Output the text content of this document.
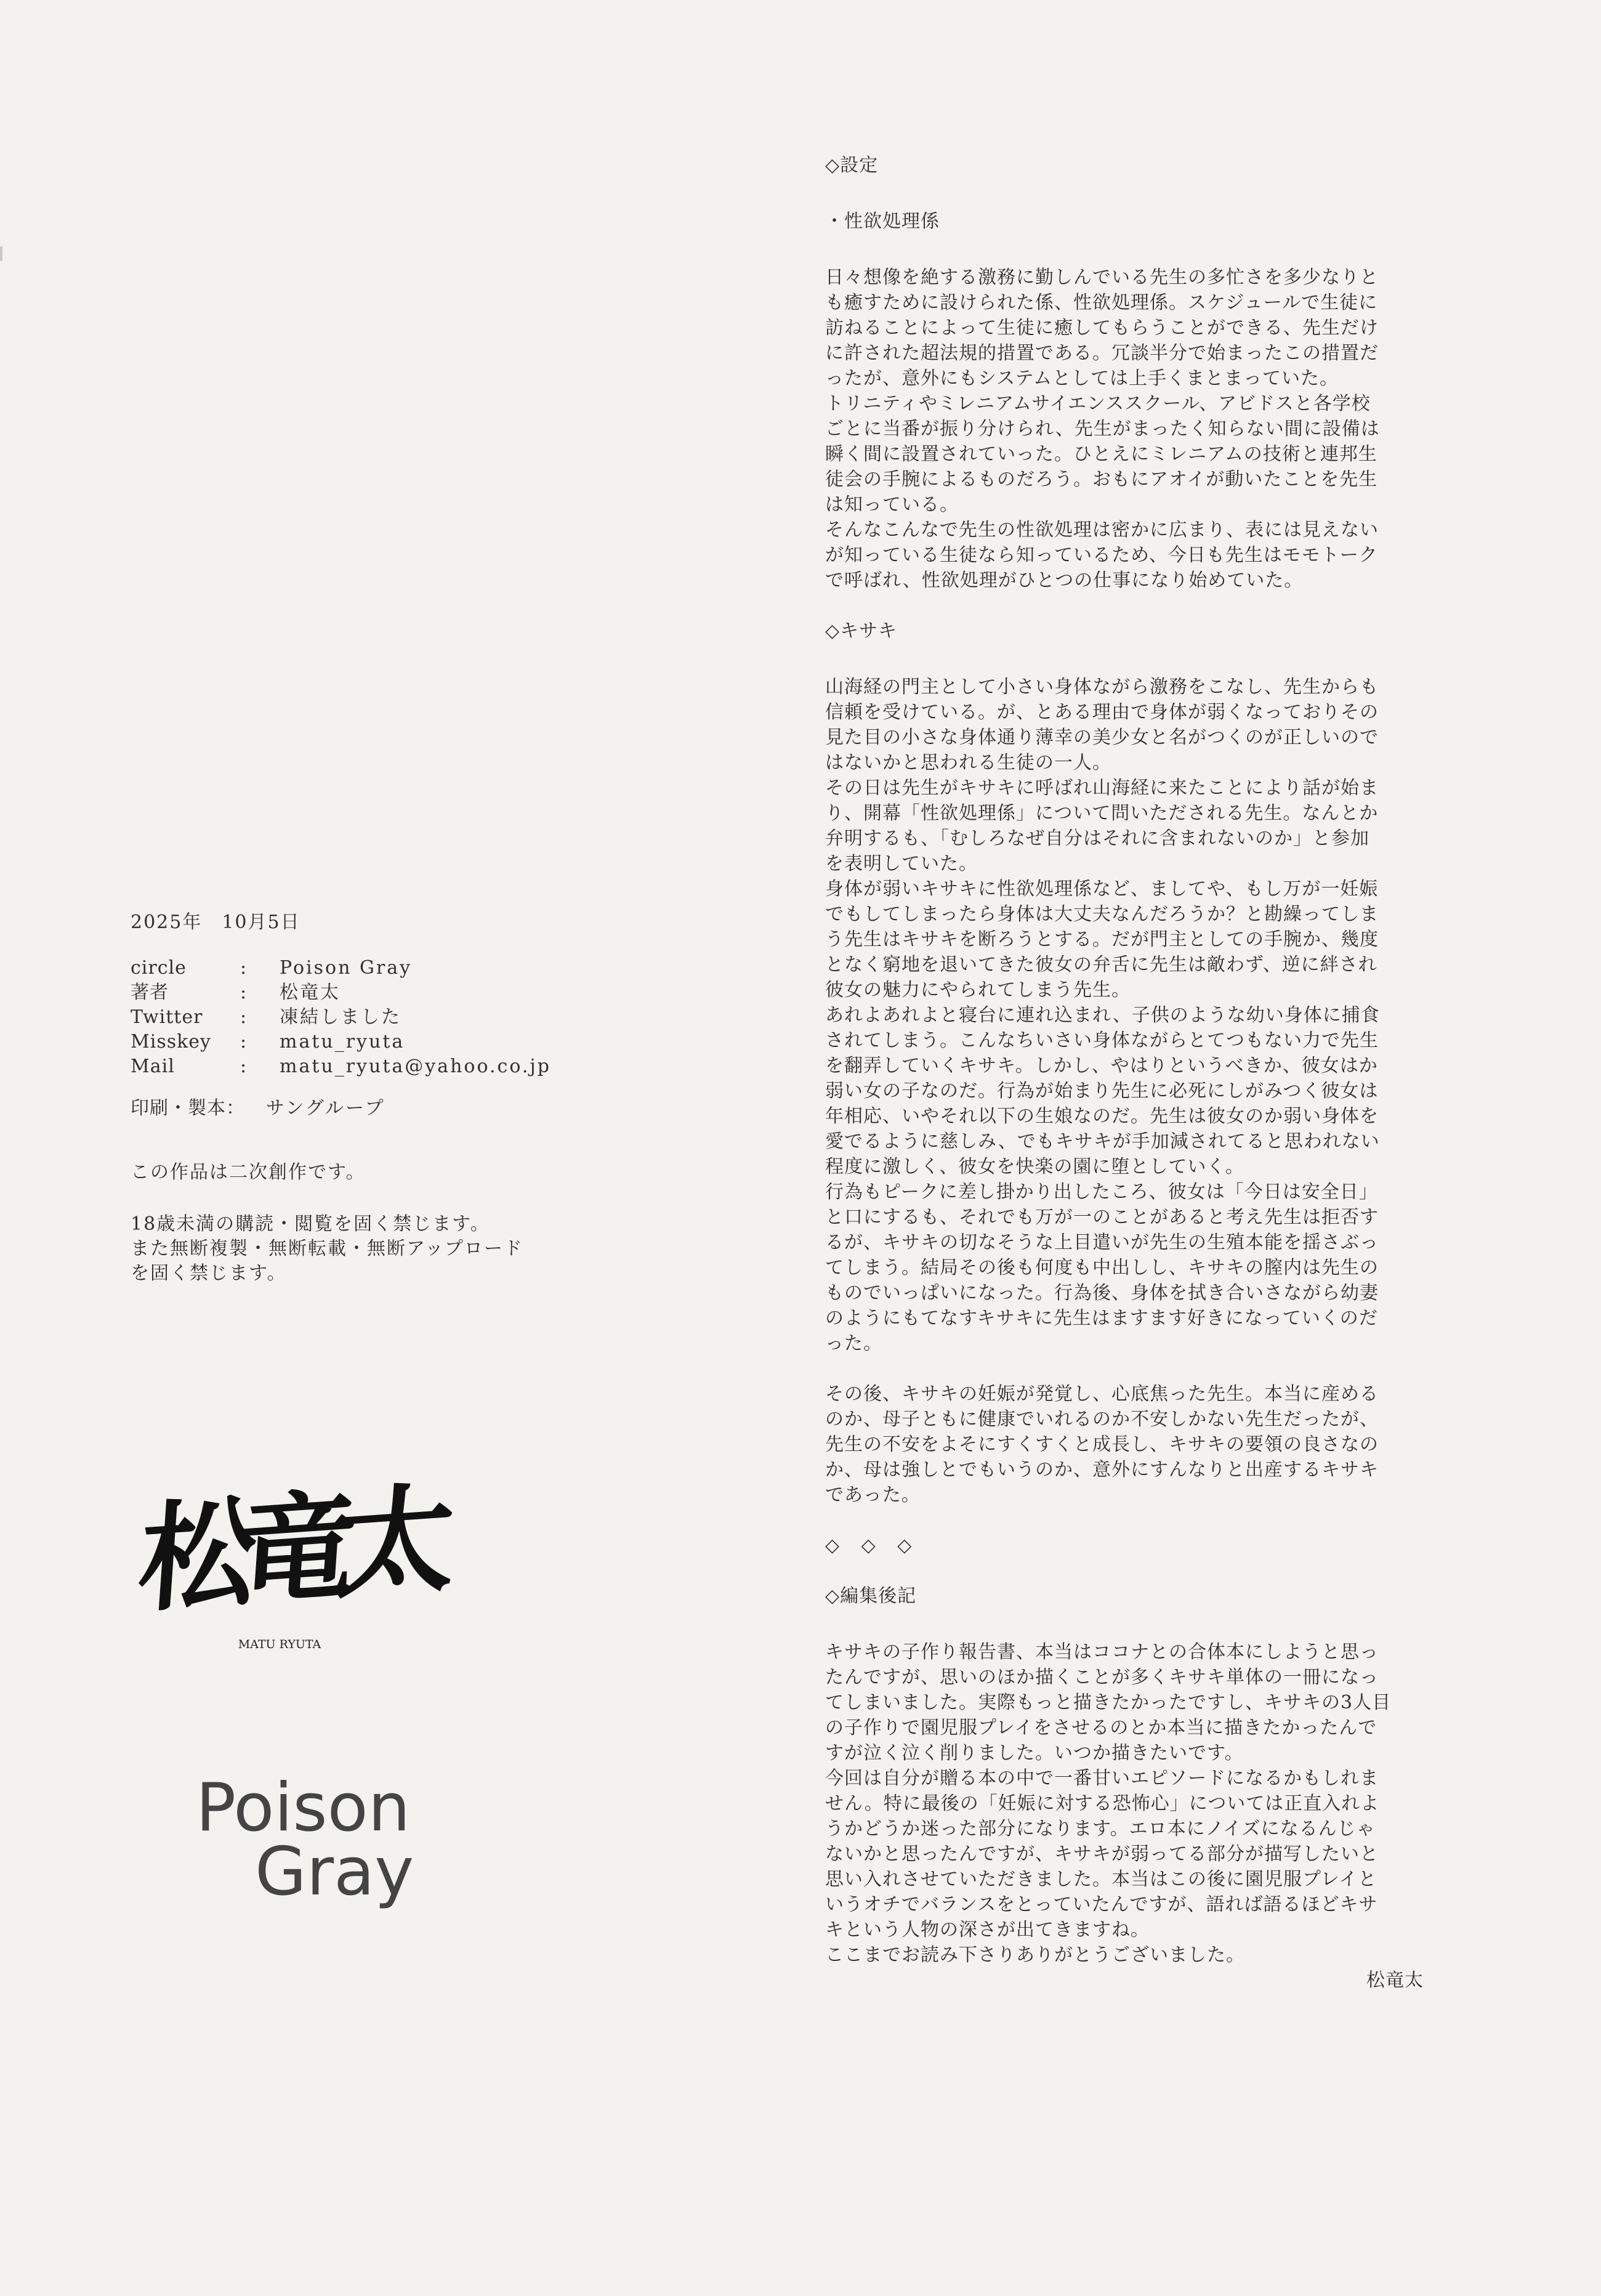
2025年　10月5日
circle	:	Poison Gray
著者	:	松竜太
Twitter	:	凍結しました
Misskey	:	matu_ryuta
Mail	:	matu_ryuta@yahoo.co.jp
印刷・製本：	サングループ
この作品は二次創作です。
18歳未満の購読・閲覧を固く禁じます。
また無断複製・無断転載・無断アップロード
を固く禁じます。
松竜太
MATU RYUTA
Poison
Gray
◇設定
・性欲処理係
日々想像を絶する激務に勤しんでいる先生の多忙さを多少なりと
も癒すために設けられた係、性欲処理係。スケジュールで生徒に
訪ねることによって生徒に癒してもらうことができる、先生だけ
に許された超法規的措置である。冗談半分で始まったこの措置だ
ったが、意外にもシステムとしては上手くまとまっていた。
トリニティやミレニアムサイエンススクール、アビドスと各学校
ごとに当番が振り分けられ、先生がまったく知らない間に設備は
瞬く間に設置されていった。ひとえにミレニアムの技術と連邦生
徒会の手腕によるものだろう。おもにアオイが動いたことを先生
は知っている。
そんなこんなで先生の性欲処理は密かに広まり、表には見えない
が知っている生徒なら知っているため、今日も先生はモモトーク
で呼ばれ、性欲処理がひとつの仕事になり始めていた。
◇キサキ
山海経の門主として小さい身体ながら激務をこなし、先生からも
信頼を受けている。が、とある理由で身体が弱くなっておりその
見た目の小さな身体通り薄幸の美少女と名がつくのが正しいので
はないかと思われる生徒の一人。
その日は先生がキサキに呼ばれ山海経に来たことにより話が始ま
り、開幕「性欲処理係」について問いただされる先生。なんとか
弁明するも、「むしろなぜ自分はそれに含まれないのか」と参加
を表明していた。
身体が弱いキサキに性欲処理係など、ましてや、もし万が一妊娠
でもしてしまったら身体は大丈夫なんだろうか？と勘繰ってしま
う先生はキサキを断ろうとする。だが門主としての手腕か、幾度
となく窮地を退いてきた彼女の弁舌に先生は敵わず、逆に絆され
彼女の魅力にやられてしまう先生。
あれよあれよと寝台に連れ込まれ、子供のような幼い身体に捕食
されてしまう。こんなちいさい身体ながらとてつもない力で先生
を翻弄していくキサキ。しかし、やはりというべきか、彼女はか
弱い女の子なのだ。行為が始まり先生に必死にしがみつく彼女は
年相応、いやそれ以下の生娘なのだ。先生は彼女のか弱い身体を
愛でるように慈しみ、でもキサキが手加減されてると思われない
程度に激しく、彼女を快楽の園に堕としていく。
行為もピークに差し掛かり出したころ、彼女は「今日は安全日」
と口にするも、それでも万が一のことがあると考え先生は拒否す
るが、キサキの切なそうな上目遣いが先生の生殖本能を揺さぶっ
てしまう。結局その後も何度も中出しし、キサキの膣内は先生の
ものでいっぱいになった。行為後、身体を拭き合いさながら幼妻
のようにもてなすキサキに先生はますます好きになっていくのだ
った。
その後、キサキの妊娠が発覚し、心底焦った先生。本当に産める
のか、母子ともに健康でいれるのか不安しかない先生だったが、
先生の不安をよそにすくすくと成長し、キサキの要領の良さなの
か、母は強しとでもいうのか、意外にすんなりと出産するキサキ
であった。
◇ ◇ ◇
◇編集後記
キサキの子作り報告書、本当はココナとの合体本にしようと思っ
たんですが、思いのほか描くことが多くキサキ単体の一冊になっ
てしまいました。実際もっと描きたかったですし、キサキの3人目
の子作りで園児服プレイをさせるのとか本当に描きたかったんで
すが泣く泣く削りました。いつか描きたいです。
今回は自分が贈る本の中で一番甘いエピソードになるかもしれま
せん。特に最後の「妊娠に対する恐怖心」については正直入れよ
うかどうか迷った部分になります。エロ本にノイズになるんじゃ
ないかと思ったんですが、キサキが弱ってる部分が描写したいと
思い入れさせていただきました。本当はこの後に園児服プレイと
いうオチでバランスをとっていたんですが、語れば語るほどキサ
キという人物の深さが出てきますね。
ここまでお読み下さりありがとうございました。
松竜太
